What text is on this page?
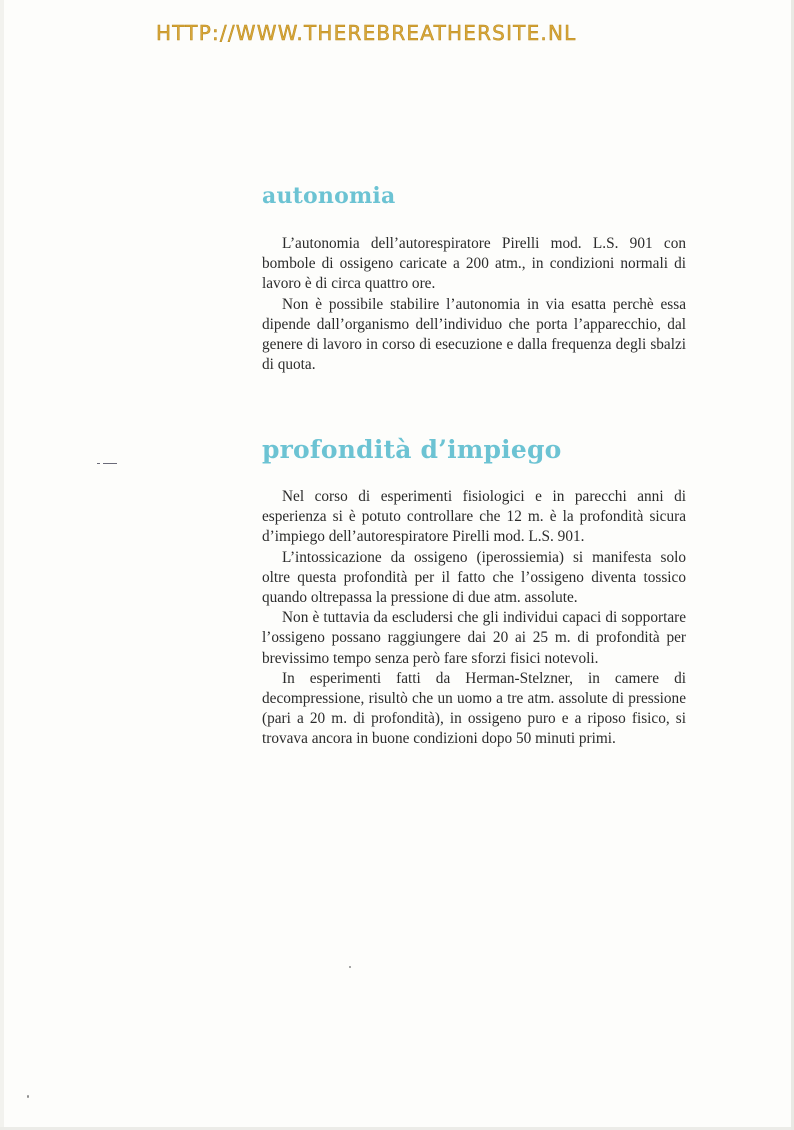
HTTP://WWW.THEREBREATHERSITE.NL
autonomia

L’autonomia dell’autorespiratore Pirelli mod. L.S. 901 con bombole di ossigeno caricate a 200 atm., in condizioni normali di lavoro è di circa quattro ore.

Non è possibile stabilire l’autonomia in via esatta perchè essa dipende dall’organismo dell’individuo che porta l’apparecchio, dal genere di lavoro in corso di esecuzione e dalla frequenza degli sbalzi di quota.

profondità d’impiego

Nel corso di esperimenti fisiologici e in parecchi anni di esperienza si è potuto controllare che 12 m. è la profondità sicura d’impiego dell’autorespiratore Pirelli mod. L.S. 901.

L’intossicazione da ossigeno (iperossiemia) si manifesta solo oltre questa profondità per il fatto che l’ossigeno diventa tossico quando oltrepassa la pressione di due atm. assolute.

Non è tuttavia da escludersi che gli individui capaci di sopportare l’ossigeno possano raggiungere dai 20 ai 25 m. di profondità per brevissimo tempo senza però fare sforzi fisici notevoli.

In esperimenti fatti da Herman-Stelzner, in camere di decompressione, risultò che un uomo a tre atm. assolute di pressione (pari a 20 m. di profondità), in ossigeno puro e a riposo fisico, si trovava ancora in buone condizioni dopo 50 minuti primi.
